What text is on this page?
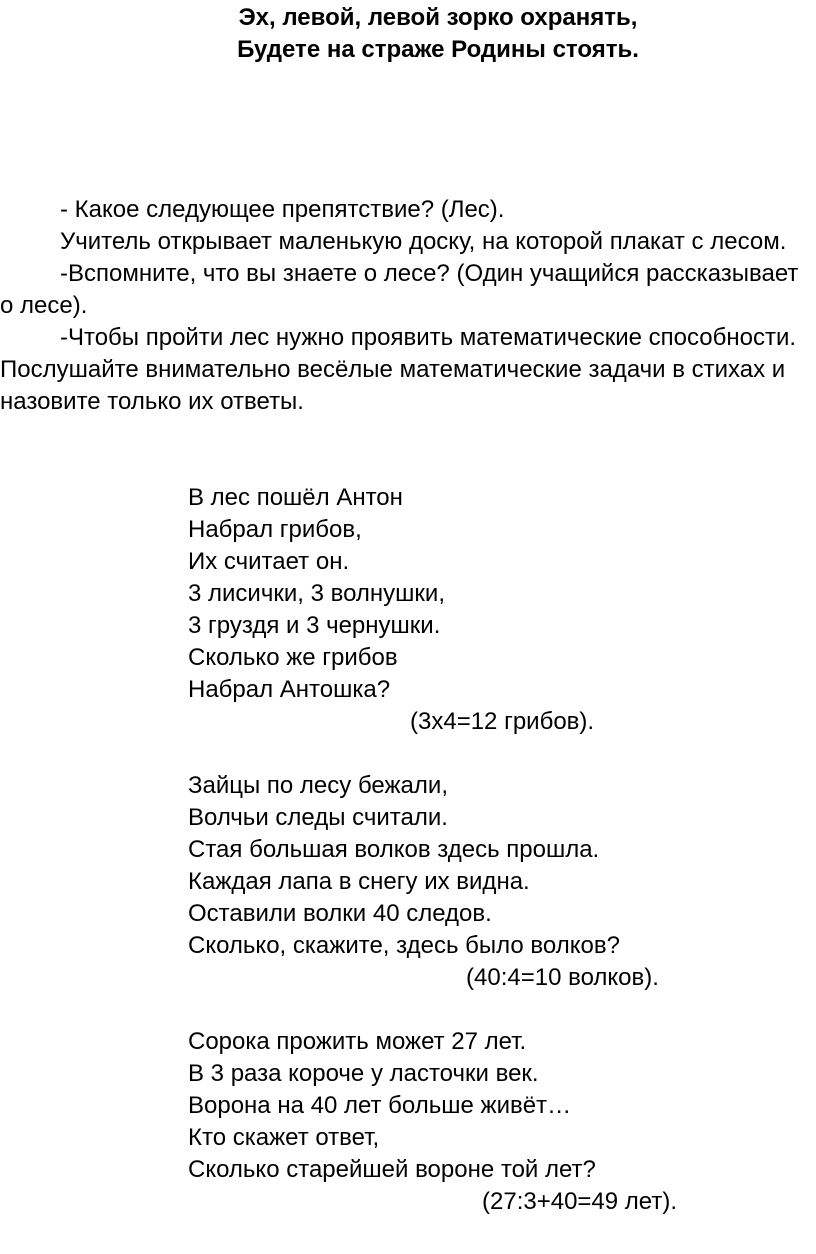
Эх, левой, левой зорко охранять,
Будете на страже Родины стоять.

- Какое следующее препятствие? (Лес).

Учитель открывает маленькую доску, на которой плакат с лесом.

-Вспомните, что вы знаете о лесе? (Один учащийся рассказывает о лесе).

-Чтобы пройти лес нужно проявить математические способности. Послушайте внимательно весёлые математические задачи в стихах и назовите только их ответы.

В лес пошёл Антон
Набрал грибов,
Их считает он.
3 лисички, 3 волнушки,
3 груздя и 3 чернушки.
Сколько же грибов
Набрал Антошка?
(3х4=12 грибов).
Зайцы по лесу бежали,
Волчьи следы считали.
Стая большая волков здесь прошла.
Каждая лапа в снегу их видна.
Оставили волки 40 следов.
Сколько, скажите, здесь было волков?
(40:4=10 волков).
Сорока прожить может 27 лет.
В 3 раза короче у ласточки век.
Ворона на 40 лет больше живёт…
Кто скажет ответ,
Сколько старейшей вороне той лет?
(27:3+40=49 лет).
